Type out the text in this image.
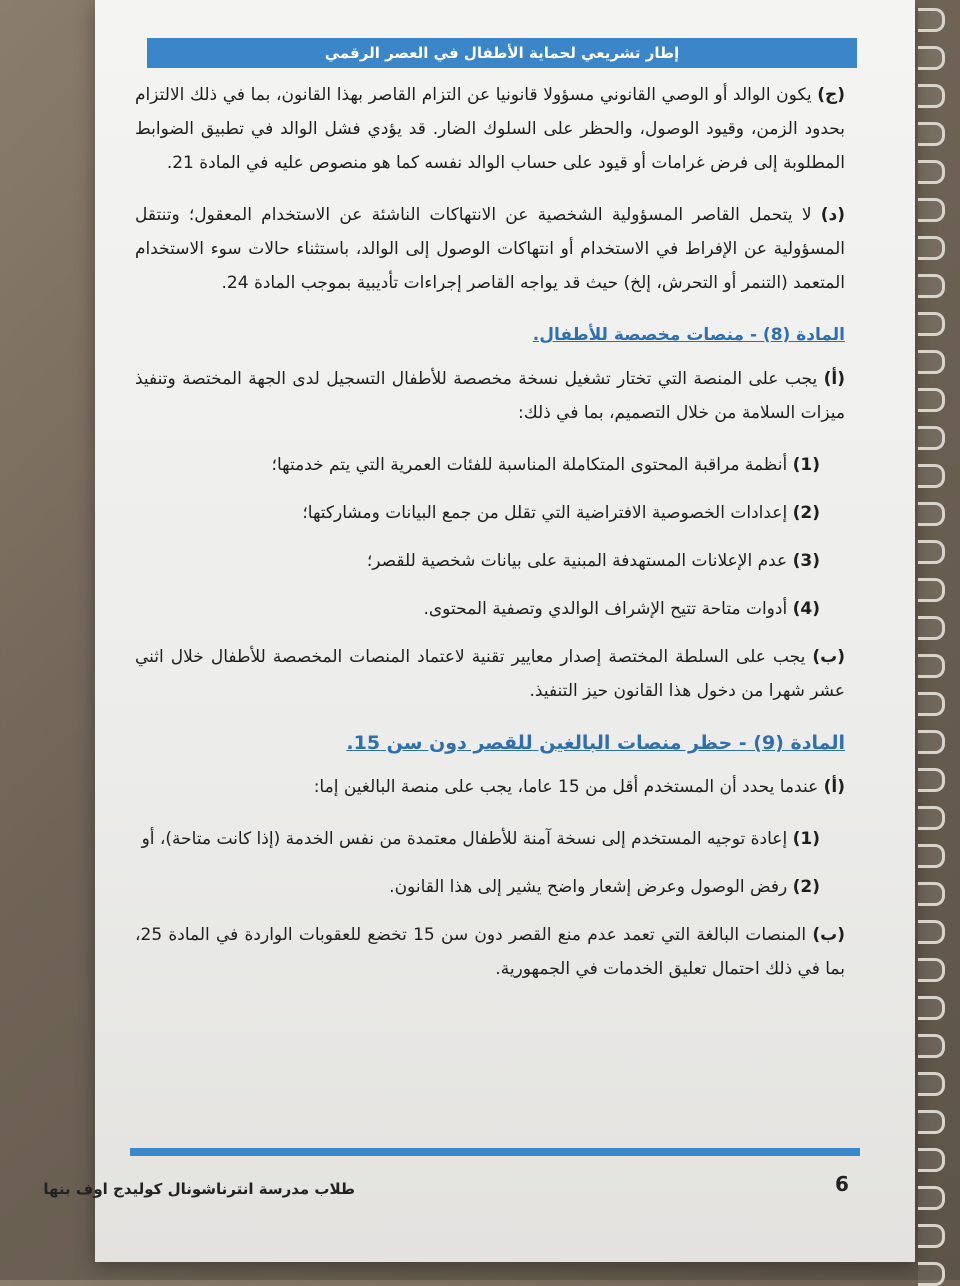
إطار تشريعي لحماية الأطفال في العصر الرقمي

(ج) يكون الوالد أو الوصي القانوني مسؤولا قانونيا عن التزام القاصر بهذا القانون، بما في ذلك الالتزام بحدود الزمن، وقيود الوصول، والحظر على السلوك الضار. قد يؤدي فشل الوالد في تطبيق الضوابط المطلوبة إلى فرض غرامات أو قيود على حساب الوالد نفسه كما هو منصوص عليه في المادة 21.

(د) لا يتحمل القاصر المسؤولية الشخصية عن الانتهاكات الناشئة عن الاستخدام المعقول؛ وتنتقل المسؤولية عن الإفراط في الاستخدام أو انتهاكات الوصول إلى الوالد، باستثناء حالات سوء الاستخدام المتعمد (التنمر أو التحرش، إلخ) حيث قد يواجه القاصر إجراءات تأديبية بموجب المادة 24.

المادة (8) - منصات مخصصة للأطفال.

(أ) يجب على المنصة التي تختار تشغيل نسخة مخصصة للأطفال التسجيل لدى الجهة المختصة وتنفيذ ميزات السلامة من خلال التصميم، بما في ذلك:

(1) أنظمة مراقبة المحتوى المتكاملة المناسبة للفئات العمرية التي يتم خدمتها؛

(2) إعدادات الخصوصية الافتراضية التي تقلل من جمع البيانات ومشاركتها؛

(3) عدم الإعلانات المستهدفة المبنية على بيانات شخصية للقصر؛

(4) أدوات متاحة تتيح الإشراف الوالدي وتصفية المحتوى.

(ب) يجب على السلطة المختصة إصدار معايير تقنية لاعتماد المنصات المخصصة للأطفال خلال اثني عشر شهرا من دخول هذا القانون حيز التنفيذ.

المادة (9) - حظر منصات البالغين للقصر دون سن 15.

(أ) عندما يحدد أن المستخدم أقل من 15 عاما، يجب على منصة البالغين إما:

(1) إعادة توجيه المستخدم إلى نسخة آمنة للأطفال معتمدة من نفس الخدمة (إذا كانت متاحة)، أو

(2) رفض الوصول وعرض إشعار واضح يشير إلى هذا القانون.

(ب) المنصات البالغة التي تعمد عدم منع القصر دون سن 15 تخضع للعقوبات الواردة في المادة 25، بما في ذلك احتمال تعليق الخدمات في الجمهورية.

6
طلاب مدرسة انترناشونال كوليدج اوف بنها
